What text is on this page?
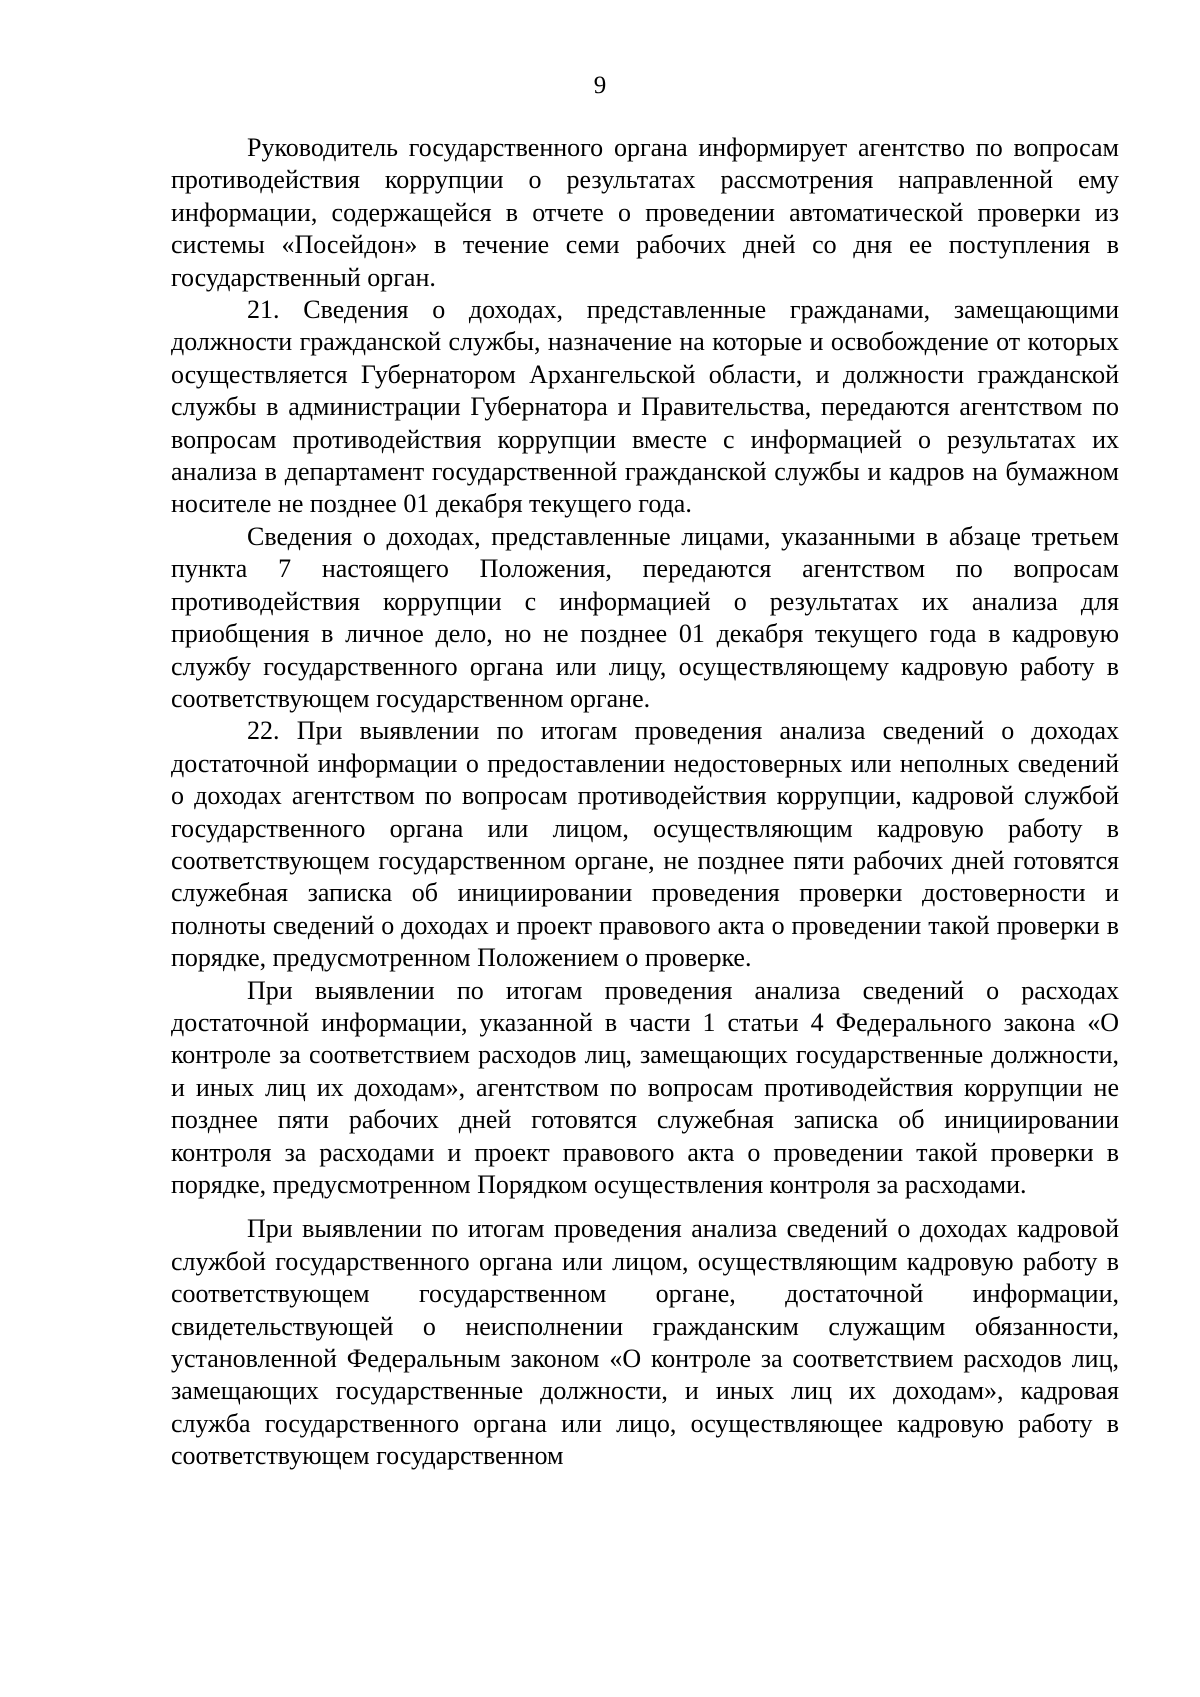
9

Руководитель государственного органа информирует агентство по вопросам противодействия коррупции о результатах рассмотрения направленной ему информации, содержащейся в отчете о проведении автоматической проверки из системы «Посейдон» в течение семи рабочих дней со дня ее поступления в государственный орган.

21. Сведения о доходах, представленные гражданами, замещающими должности гражданской службы, назначение на которые и освобождение от которых осуществляется Губернатором Архангельской области, и должности гражданской службы в администрации Губернатора и Правительства, передаются агентством по вопросам противодействия коррупции вместе с информацией о результатах их анализа в департамент государственной гражданской службы и кадров на бумажном носителе не позднее 01 декабря текущего года.

Сведения о доходах, представленные лицами, указанными в абзаце третьем пункта 7 настоящего Положения, передаются агентством по вопросам противодействия коррупции с информацией о результатах их анализа для приобщения в личное дело, но не позднее 01 декабря текущего года в кадровую службу государственного органа или лицу, осуществляющему кадровую работу в соответствующем государственном органе.

22. При выявлении по итогам проведения анализа сведений о доходах достаточной информации о предоставлении недостоверных или неполных сведений о доходах агентством по вопросам противодействия коррупции, кадровой службой государственного органа или лицом, осуществляющим кадровую работу в соответствующем государственном органе, не позднее пяти рабочих дней готовятся служебная записка об инициировании проведения проверки достоверности и полноты сведений о доходах и проект правового акта о проведении такой проверки в порядке, предусмотренном Положением о проверке.

При выявлении по итогам проведения анализа сведений о расходах достаточной информации, указанной в части 1 статьи 4 Федерального закона «О контроле за соответствием расходов лиц, замещающих государственные должности, и иных лиц их доходам», агентством по вопросам противодействия коррупции не позднее пяти рабочих дней готовятся служебная записка об инициировании контроля за расходами и проект правового акта о проведении такой проверки в порядке, предусмотренном Порядком осуществления контроля за расходами.

При выявлении по итогам проведения анализа сведений о доходах кадровой службой государственного органа или лицом, осуществляющим кадровую работу в соответствующем государственном органе, достаточной информации, свидетельствующей о неисполнении гражданским служащим обязанности, установленной Федеральным законом «О контроле за соответствием расходов лиц, замещающих государственные должности, и иных лиц их доходам», кадровая служба государственного органа или лицо, осуществляющее кадровую работу в соответствующем государственном
